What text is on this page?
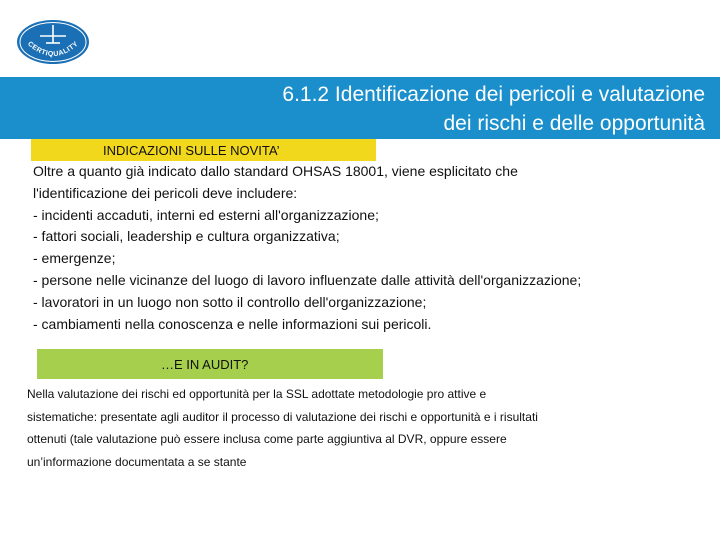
CERTIQUALITY
6.1.2 Identificazione dei pericoli e valutazione
dei rischi e delle opportunità
INDICAZIONI SULLE NOVITA’
Oltre a quanto già indicato dallo standard OHSAS 18001, viene esplicitato che
l'identificazione dei pericoli deve includere:
- incidenti accaduti, interni ed esterni all'organizzazione;
- fattori sociali, leadership e cultura organizzativa;
- emergenze;
- persone nelle vicinanze del luogo di lavoro influenzate dalle attività dell'organizzazione;
- lavoratori in un luogo non sotto il controllo dell'organizzazione;
- cambiamenti nella conoscenza e nelle informazioni sui pericoli.
…E IN AUDIT?
Nella valutazione dei rischi ed opportunità per la SSL adottate metodologie pro attive e
sistematiche: presentate agli auditor il processo di valutazione dei rischi e opportunità e i risultati
ottenuti (tale valutazione può essere inclusa come parte aggiuntiva al DVR, oppure essere
un’informazione documentata a se stante
